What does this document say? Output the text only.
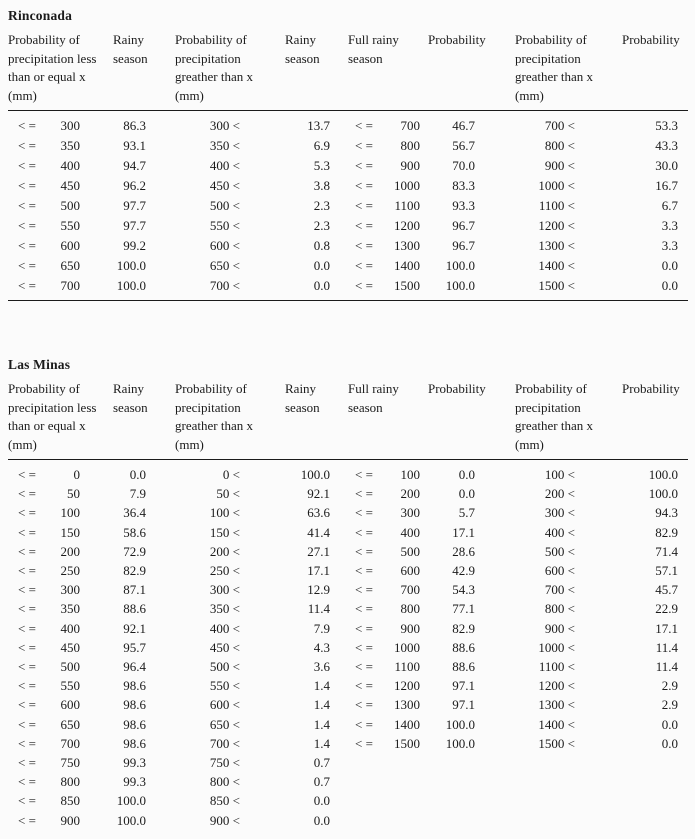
Rinconada
Probability of precipitation less than or equal x (mm)	Rainy season	Probability of precipitation greather than x (mm)	Rainy season	Full rainy season	Probability	Probability of precipitation greather than x (mm)	Probability

< = 300	86.3	300 <	13.7	< = 700	46.7	700 <	53.3

< = 350	93.1	350 <	6.9	< = 800	56.7	800 <	43.3

< = 400	94.7	400 <	5.3	< = 900	70.0	900 <	30.0

< = 450	96.2	450 <	3.8	< = 1000	83.3	1000 <	16.7

< = 500	97.7	500 <	2.3	< = 1100	93.3	1100 <	6.7

< = 550	97.7	550 <	2.3	< = 1200	96.7	1200 <	3.3

< = 600	99.2	600 <	0.8	< = 1300	96.7	1300 <	3.3

< = 650	100.0	650 <	0.0	< = 1400	100.0	1400 <	0.0

< = 700	100.0	700 <	0.0	< = 1500	100.0	1500 <	0.0
Las Minas
Probability of precipitation less than or equal x (mm)	Rainy season	Probability of precipitation greather than x (mm)	Rainy season	Full rainy season	Probability	Probability of precipitation greather than x (mm)	Probability

< = 0	0.0	0 <	100.0	< = 100	0.0	100 <	100.0

< = 50	7.9	50 <	92.1	< = 200	0.0	200 <	100.0

< = 100	36.4	100 <	63.6	< = 300	5.7	300 <	94.3

< = 150	58.6	150 <	41.4	< = 400	17.1	400 <	82.9

< = 200	72.9	200 <	27.1	< = 500	28.6	500 <	71.4

< = 250	82.9	250 <	17.1	< = 600	42.9	600 <	57.1

< = 300	87.1	300 <	12.9	< = 700	54.3	700 <	45.7

< = 350	88.6	350 <	11.4	< = 800	77.1	800 <	22.9

< = 400	92.1	400 <	7.9	< = 900	82.9	900 <	17.1

< = 450	95.7	450 <	4.3	< = 1000	88.6	1000 <	11.4

< = 500	96.4	500 <	3.6	< = 1100	88.6	1100 <	11.4

< = 550	98.6	550 <	1.4	< = 1200	97.1	1200 <	2.9

< = 600	98.6	600 <	1.4	< = 1300	97.1	1300 <	2.9

< = 650	98.6	650 <	1.4	< = 1400	100.0	1400 <	0.0

< = 700	98.6	700 <	1.4	< = 1500	100.0	1500 <	0.0

< = 750	99.3	750 <	0.7				

< = 800	99.3	800 <	0.7				

< = 850	100.0	850 <	0.0				

< = 900	100.0	900 <	0.0				
